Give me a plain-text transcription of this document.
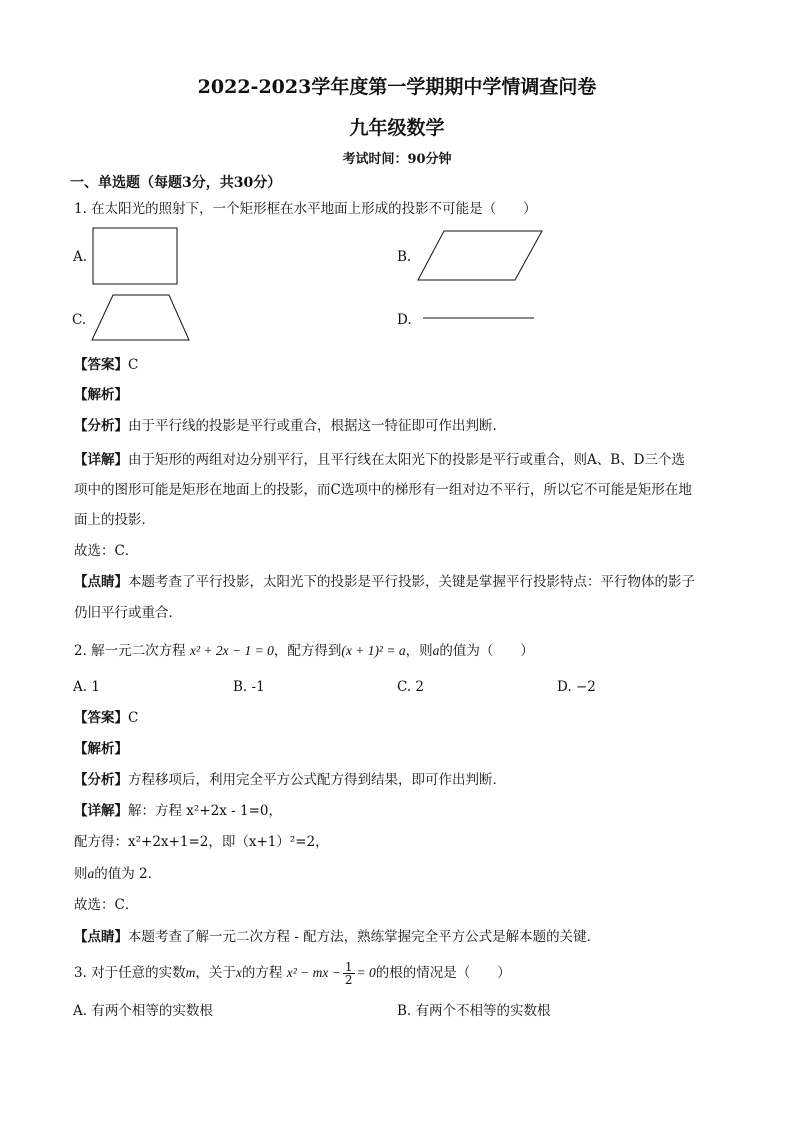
2022-2023学年度第一学期期中学情调查问卷
九年级数学
考试时间：90分钟
一、单选题（每题3分，共30分）
1. 在太阳光的照射下，一个矩形框在水平地面上形成的投影不可能是（　　）
A.	B.
C.	D.
【答案】C
【解析】
【分析】由于平行线的投影是平行或重合，根据这一特征即可作出判断．
【详解】由于矩形的两组对边分别平行，且平行线在太阳光下的投影是平行或重合，则A、B、D三个选
项中的图形可能是矩形在地面上的投影，而C选项中的梯形有一组对边不平行，所以它不可能是矩形在地
面上的投影．
故选：C．
【点睛】本题考查了平行投影，太阳光下的投影是平行投影，关键是掌握平行投影特点：平行物体的影子
仍旧平行或重合．
2. 解一元二次方程 x² + 2x − 1 = 0，配方得到(x + 1)² = a，则a的值为（　　）
A. 1	B. -1	C. 2	D. −2
【答案】C
【解析】
【分析】方程移项后，利用完全平方公式配方得到结果，即可作出判断．
【详解】解：方程 x²+2x - 1=0，
配方得：x²+2x+1=2，即（x+1）²=2，
则a的值为 2．
故选：C．
【点睛】本题考查了解一元二次方程 - 配方法，熟练掌握完全平方公式是解本题的关键．
3. 对于任意的实数m，关于x的方程 x² − mx − $\frac{1}{2} = 0$的根的情况是（　　）
A. 有两个相等的实数根	B. 有两个不相等的实数根
